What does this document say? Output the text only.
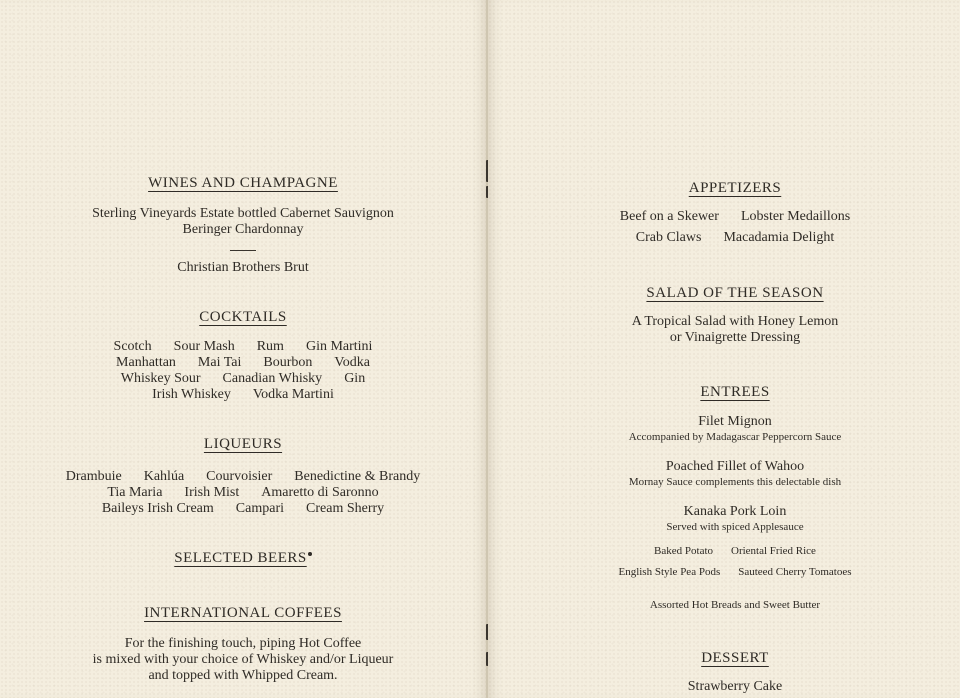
WINES AND CHAMPAGNE
Sterling Vineyards Estate bottled Cabernet Sauvignon
Beringer Chardonnay
Christian Brothers Brut
COCKTAILS
Scotch Sour Mash Rum Gin Martini
Manhattan Mai Tai Bourbon Vodka
Whiskey Sour Canadian Whisky Gin
Irish Whiskey Vodka Martini
LIQUEURS
Drambuie Kahlúa Courvoisier Benedictine & Brandy
Tia Maria Irish Mist Amaretto di Saronno
Baileys Irish Cream Campari Cream Sherry
SELECTED BEERS
INTERNATIONAL COFFEES
For the finishing touch, piping Hot Coffee
is mixed with your choice of Whiskey and/or Liqueur
and topped with Whipped Cream.
APPETIZERS
Beef on a Skewer Lobster Medaillons
Crab Claws Macadamia Delight
SALAD OF THE SEASON
A Tropical Salad with Honey Lemon
or Vinaigrette Dressing
ENTREES
Filet Mignon
Accompanied by Madagascar Peppercorn Sauce
Poached Fillet of Wahoo
Mornay Sauce complements this delectable dish
Kanaka Pork Loin
Served with spiced Applesauce
Baked Potato Oriental Fried Rice
English Style Pea Pods Sauteed Cherry Tomatoes
Assorted Hot Breads and Sweet Butter
DESSERT
Strawberry Cake
